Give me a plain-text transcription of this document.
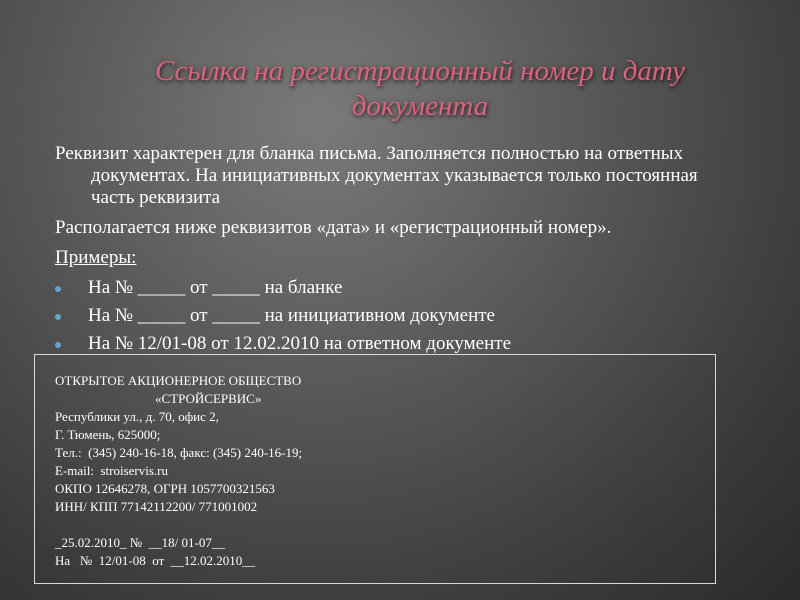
Ссылка на регистрационный номер и дату
документа

Реквизит характерен для бланка письма. Заполняется полностью на ответных документах. На инициативных документах указывается только постоянная часть реквизита

Располагается ниже реквизитов «дата» и «регистрационный номер».

Примеры:

На № _____ от _____ на бланке
На № _____ от _____ на инициативном документе
На № 12/01-08 от 12.02.2010 на ответном документе
ОТКРЫТОЕ АКЦИОНЕРНОЕ ОБЩЕСТВО
«СТРОЙСЕРВИС»
Республики ул., д. 70, офис 2,
Г. Тюмень, 625000;
Тел.:  (345) 240-16-18, факс: (345) 240-16-19;
E-mail:  stroiservis.ru
ОКПО 12646278, ОГРН 1057700321563
ИНН/ КПП 77142112200/ 771001002

_25.02.2010_ №  __18/ 01-07__
На   №  12/01-08  от  __12.02.2010__
